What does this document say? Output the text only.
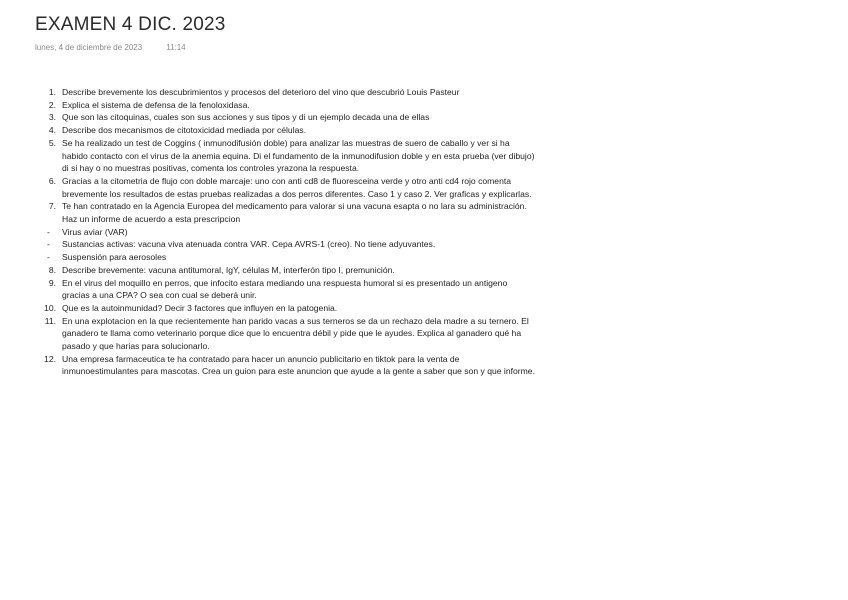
EXAMEN 4 DIC. 2023
lunes, 4 de diciembre de 2023	11:14
1. Describe brevemente los descubrimientos y procesos del deterioro del vino que descubrió Louis Pasteur
2. Explica el sistema de defensa de la fenoloxidasa.
3. Que son las citoquinas, cuales son sus acciones y sus tipos y di un ejemplo decada una de ellas
4. Describe dos mecanismos de citotoxicidad mediada por células.
5. Se ha realizado un test de Coggins ( inmunodifusión doble) para analizar las muestras de suero de caballo y ver si ha habido contacto con el virus de la anemia equina. Di el fundamento de la inmunodifusion doble y en esta prueba (ver dibujo) di si hay o no muestras positivas, comenta los controles yrazona la respuesta.
6. Gracias a la citometria de flujo con doble marcaje: uno con anti cd8 de fluoresceina verde y otro anti cd4 rojo comenta brevemente los resultados de estas pruebas realizadas a dos perros diferentes. Caso 1 y caso 2. Ver graficas y explicarlas.
7. Te han contratado en la Agencia Europea del medicamento para valorar si una vacuna esapta o no lara su administración. Haz un informe de acuerdo a esta prescripcion
-	Virus aviar (VAR)
-	Sustancias activas: vacuna viva atenuada contra VAR. Cepa AVRS-1 (creo). No tiene adyuvantes.
-	Suspensión para aerosoles
8. Describe brevemente: vacuna antitumoral, IgY, células M, interferón tipo I, premunición.
9. En el virus del moquillo en perros, que infocito estara mediando una respuesta humoral si es presentado un antigeno gracias a una CPA? O sea con cual se deberá unir.
10. Que es la autoinmunidad? Decir 3 factores que influyen en la patogenia.
11. En una explotacion en la que recientemente han parido vacas a sus terneros se da un rechazo dela madre a su ternero. El ganadero te llama como veterinario porque dice que lo encuentra débil y pide que le ayudes. Explica al ganadero qué ha pasado y que harias para solucionarlo.
12. Una empresa farmaceutica te ha contratado para hacer un anuncio publicitario en tiktok para la venta de inmunoestimulantes para mascotas. Crea un guion para este anuncion que ayude a la gente a saber que son y que informe.
